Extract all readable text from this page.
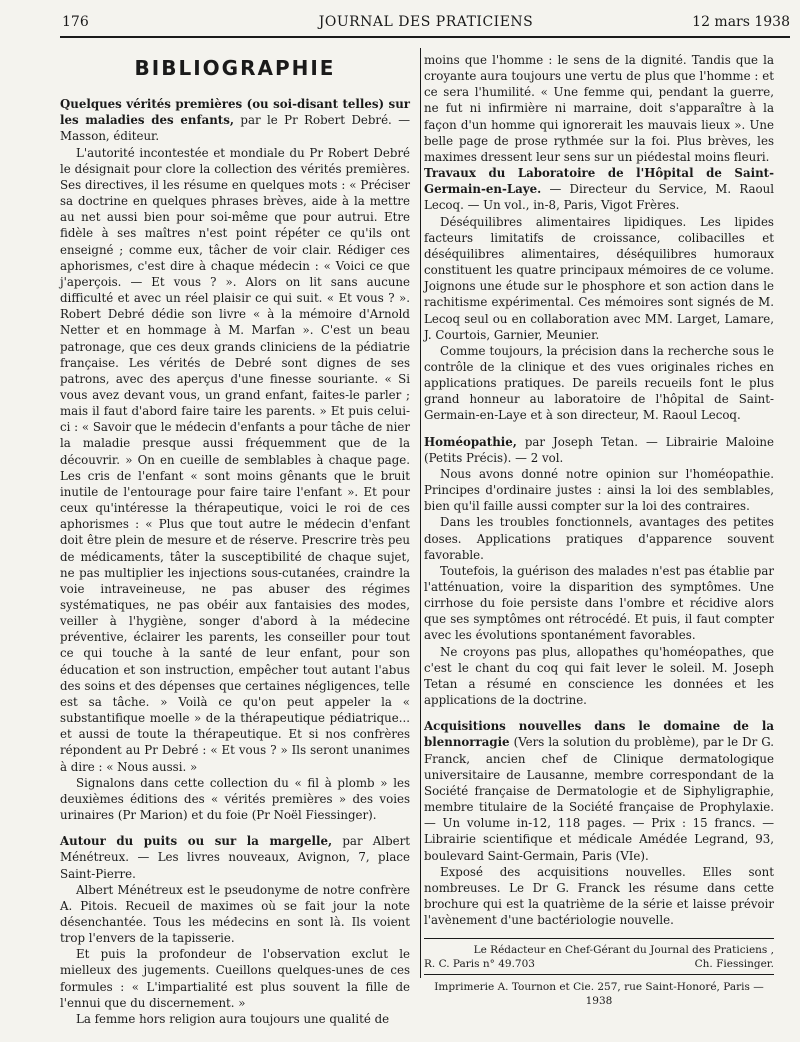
176	JOURNAL DES PRATICIENS	12 mars 1938
BIBLIOGRAPHIE

Quelques vérités premières (ou soi-disant telles) sur les maladies des enfants, par le Pr Robert Debré. — Masson, éditeur.

L'autorité incontestée et mondiale du Pr Robert Debré le désignait pour clore la collection des vérités premières. Ses directives, il les résume en quelques mots : « Préciser sa doctrine en quelques phrases brèves, aide à la mettre au net aussi bien pour soi-même que pour autrui. Etre fidèle à ses maîtres n'est point répéter ce qu'ils ont enseigné ; comme eux, tâcher de voir clair. Rédiger ces aphorismes, c'est dire à chaque médecin : « Voici ce que j'aperçois. — Et vous ? ». Alors on lit sans aucune difficulté et avec un réel plaisir ce qui suit. « Et vous ? ». Robert Debré dédie son livre « à la mémoire d'Arnold Netter et en hommage à M. Marfan ». C'est un beau patronage, que ces deux grands cliniciens de la pédiatrie française. Les vérités de Debré sont dignes de ses patrons, avec des aperçus d'une finesse souriante. « Si vous avez devant vous, un grand enfant, faites-le parler ; mais il faut d'abord faire taire les parents. » Et puis celui-ci : « Savoir que le médecin d'enfants a pour tâche de nier la maladie presque aussi fréquemment que de la découvrir. » On en cueille de semblables à chaque page. Les cris de l'enfant « sont moins gênants que le bruit inutile de l'entourage pour faire taire l'enfant ». Et pour ceux qu'intéresse la thérapeutique, voici le roi de ces aphorismes : « Plus que tout autre le médecin d'enfant doit être plein de mesure et de réserve. Prescrire très peu de médicaments, tâter la susceptibilité de chaque sujet, ne pas multiplier les injections sous-cutanées, craindre la voie intraveineuse, ne pas abuser des régimes systématiques, ne pas obéir aux fantaisies des modes, veiller à l'hygiène, songer d'abord à la médecine préventive, éclairer les parents, les conseiller pour tout ce qui touche à la santé de leur enfant, pour son éducation et son instruction, empêcher tout autant l'abus des soins et des dépenses que certaines négligences, telle est sa tâche. » Voilà ce qu'on peut appeler la « substantifique moelle » de la thérapeutique pédiatrique... et aussi de toute la thérapeutique. Et si nos confrères répondent au Pr Debré : « Et vous ? » Ils seront unanimes à dire : « Nous aussi. »

Signalons dans cette collection du « fil à plomb » les deuxièmes éditions des « vérités premières » des voies urinaires (Pr Marion) et du foie (Pr Noël Fiessinger).

Autour du puits ou sur la margelle, par Albert Ménétreux. — Les livres nouveaux, Avignon, 7, place Saint-Pierre.

Albert Ménétreux est le pseudonyme de notre confrère A. Pitois. Recueil de maximes où se fait jour la note désenchantée. Tous les médecins en sont là. Ils voient trop l'envers de la tapisserie.

Et puis la profondeur de l'observation exclut le mielleux des jugements. Cueillons quelques-unes de ces formules : « L'impartialité est plus souvent la fille de l'ennui que du discernement. »

La femme hors religion aura toujours une qualité de

moins que l'homme : le sens de la dignité. Tandis que la croyante aura toujours une vertu de plus que l'homme : et ce sera l'humilité. « Une femme qui, pendant la guerre, ne fut ni infirmière ni marraine, doit s'apparaître à la façon d'un homme qui ignorerait les mauvais lieux ». Une belle page de prose rythmée sur la foi. Plus brèves, les maximes dressent leur sens sur un piédestal moins fleuri.

Travaux du Laboratoire de l'Hôpital de Saint-Germain-en-Laye. — Directeur du Service, M. Raoul Lecoq. — Un vol., in-8, Paris, Vigot Frères.

Déséquilibres alimentaires lipidiques. Les lipides facteurs limitatifs de croissance, colibacilles et déséquilibres alimentaires, déséquilibres humoraux constituent les quatre principaux mémoires de ce volume. Joignons une étude sur le phosphore et son action dans le rachitisme expérimental. Ces mémoires sont signés de M. Lecoq seul ou en collaboration avec MM. Larget, Lamare, J. Courtois, Garnier, Meunier.

Comme toujours, la précision dans la recherche sous le contrôle de la clinique et des vues originales riches en applications pratiques. De pareils recueils font le plus grand honneur au laboratoire de l'hôpital de Saint-Germain-en-Laye et à son directeur, M. Raoul Lecoq.

Homéopathie, par Joseph Tetan. — Librairie Maloine (Petits Précis). — 2 vol.

Nous avons donné notre opinion sur l'homéopathie. Principes d'ordinaire justes : ainsi la loi des semblables, bien qu'il faille aussi compter sur la loi des contraires.

Dans les troubles fonctionnels, avantages des petites doses. Applications pratiques d'apparence souvent favorable.

Toutefois, la guérison des malades n'est pas établie par l'atténuation, voire la disparition des symptômes. Une cirrhose du foie persiste dans l'ombre et récidive alors que ses symptômes ont rétrocédé. Et puis, il faut compter avec les évolutions spontanément favorables.

Ne croyons pas plus, allopathes qu'homéopathes, que c'est le chant du coq qui fait lever le soleil. M. Joseph Tetan a résumé en conscience les données et les applications de la doctrine.

Acquisitions nouvelles dans le domaine de la blennorragie (Vers la solution du problème), par le Dr G. Franck, ancien chef de Clinique dermatologique universitaire de Lausanne, membre correspondant de la Société française de Dermatologie et de Siphyligraphie, membre titulaire de la Société française de Prophylaxie. — Un volume in-12, 118 pages. — Prix : 15 francs. — Librairie scientifique et médicale Amédée Legrand, 93, boulevard Saint-Germain, Paris (VIe).

Exposé des acquisitions nouvelles. Elles sont nombreuses. Le Dr G. Franck les résume dans cette brochure qui est la quatrième de la série et laisse prévoir l'avènement d'une bactériologie nouvelle.

Le Rédacteur en Chef-Gérant du Journal des Praticiens ,
R. C. Paris n° 49.703	Ch. Fiessinger.
Imprimerie A. Tournon et Cie. 257, rue Saint-Honoré, Paris — 1938
